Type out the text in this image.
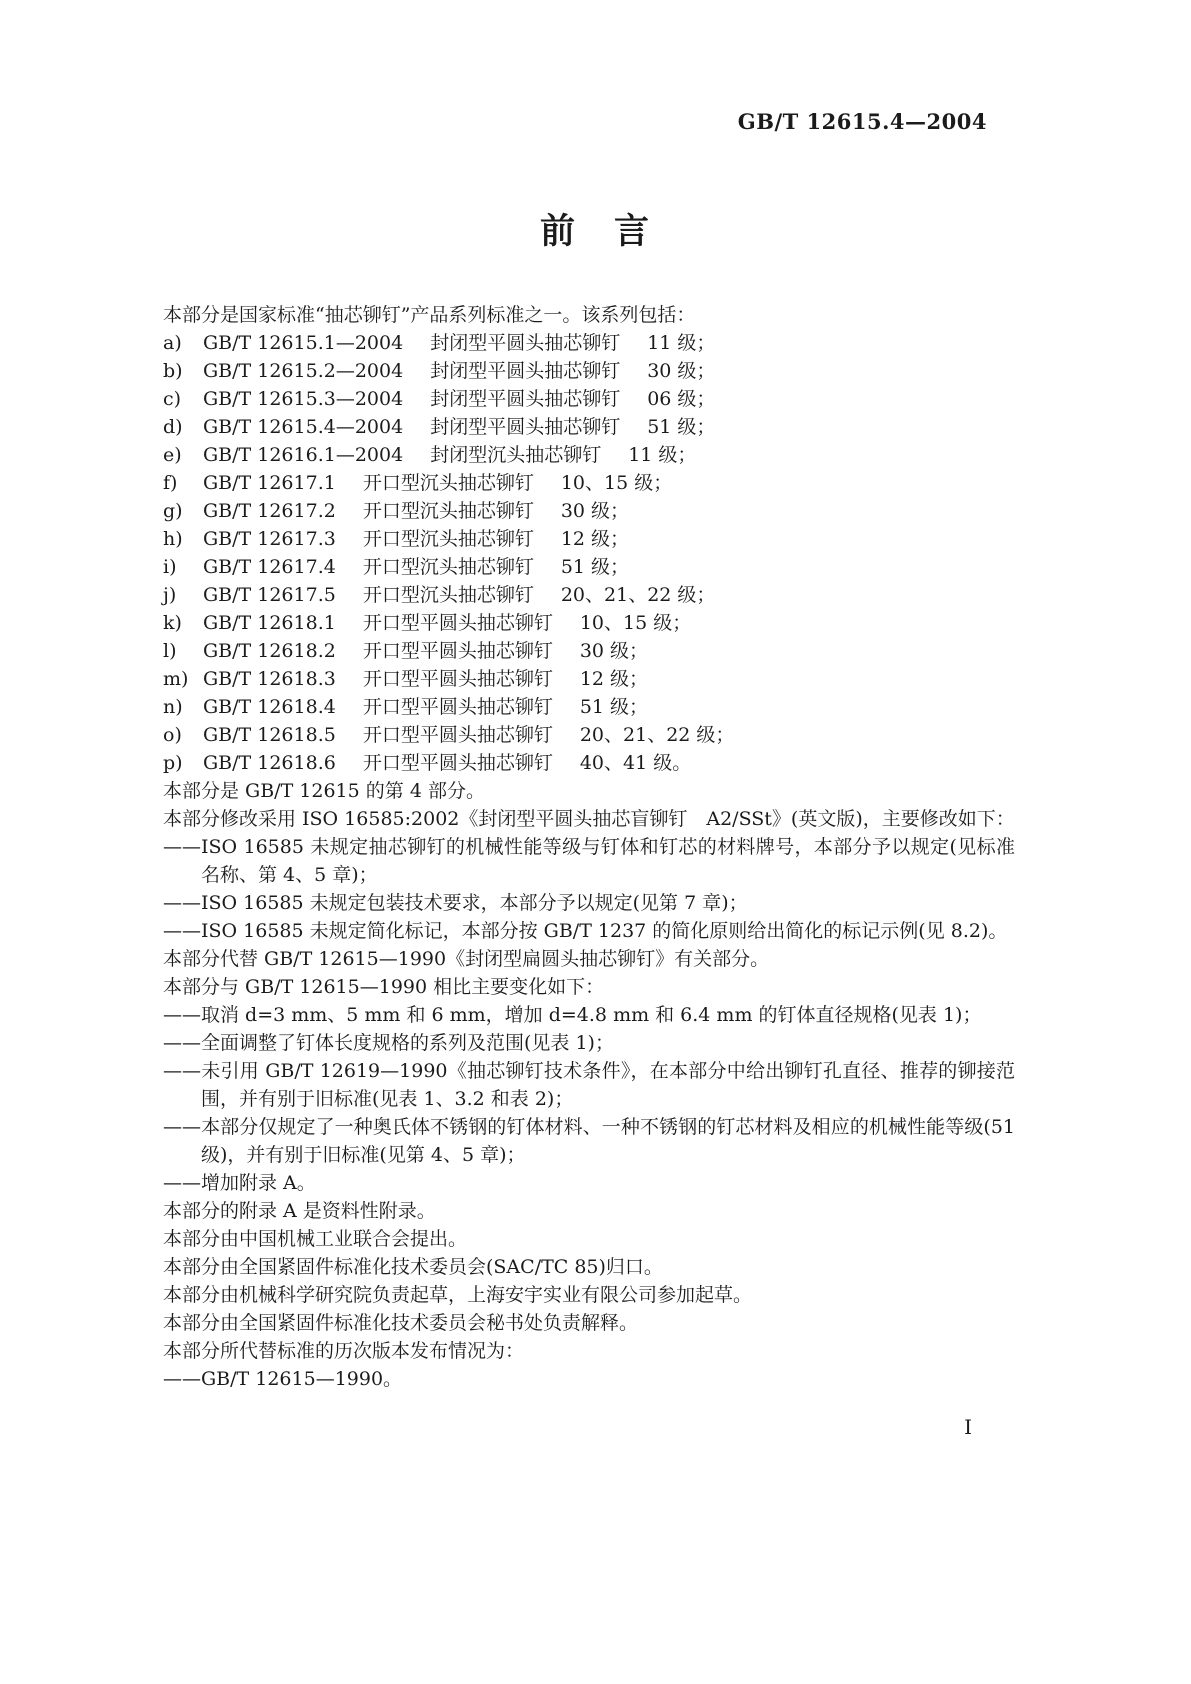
GB/T 12615.4—2004
前　言
本部分是国家标准“抽芯铆钉”产品系列标准之一。该系列包括：
a)	GB/T 12615.1—2004 封闭型平圆头抽芯铆钉 11 级；
b)	GB/T 12615.2—2004 封闭型平圆头抽芯铆钉 30 级；
c)	GB/T 12615.3—2004 封闭型平圆头抽芯铆钉 06 级；
d)	GB/T 12615.4—2004 封闭型平圆头抽芯铆钉 51 级；
e)	GB/T 12616.1—2004 封闭型沉头抽芯铆钉 11 级；
f)	GB/T 12617.1 开口型沉头抽芯铆钉 10、15 级；
g)	GB/T 12617.2 开口型沉头抽芯铆钉 30 级；
h)	GB/T 12617.3 开口型沉头抽芯铆钉 12 级；
i)	GB/T 12617.4 开口型沉头抽芯铆钉 51 级；
j)	GB/T 12617.5 开口型沉头抽芯铆钉 20、21、22 级；
k)	GB/T 12618.1 开口型平圆头抽芯铆钉 10、15 级；
l)	GB/T 12618.2 开口型平圆头抽芯铆钉 30 级；
m) GB/T 12618.3 开口型平圆头抽芯铆钉 12 级；
n)	GB/T 12618.4 开口型平圆头抽芯铆钉 51 级；
o)	GB/T 12618.5 开口型平圆头抽芯铆钉 20、21、22 级；
p)	GB/T 12618.6 开口型平圆头抽芯铆钉 40、41 级。

本部分是 GB/T 12615 的第 4 部分。

本部分修改采用 ISO 16585:2002《封闭型平圆头抽芯盲铆钉　A2/SSt》(英文版)，主要修改如下：

——ISO 16585 未规定抽芯铆钉的机械性能等级与钉体和钉芯的材料牌号，本部分予以规定(见标准名称、第 4、5 章)；

——ISO 16585 未规定包装技术要求，本部分予以规定(见第 7 章)；

——ISO 16585 未规定简化标记，本部分按 GB/T 1237 的简化原则给出简化的标记示例(见 8.2)。

本部分代替 GB/T 12615—1990《封闭型扁圆头抽芯铆钉》有关部分。

本部分与 GB/T 12615—1990 相比主要变化如下：

——取消 d=3 mm、5 mm 和 6 mm，增加 d=4.8 mm 和 6.4 mm 的钉体直径规格(见表 1)；

——全面调整了钉体长度规格的系列及范围(见表 1)；

——未引用 GB/T 12619—1990《抽芯铆钉技术条件》，在本部分中给出铆钉孔直径、推荐的铆接范围，并有别于旧标准(见表 1、3.2 和表 2)；

——本部分仅规定了一种奥氏体不锈钢的钉体材料、一种不锈钢的钉芯材料及相应的机械性能等级(51 级)，并有别于旧标准(见第 4、5 章)；

——增加附录 A。

本部分的附录 A 是资料性附录。

本部分由中国机械工业联合会提出。

本部分由全国紧固件标准化技术委员会(SAC/TC 85)归口。

本部分由机械科学研究院负责起草，上海安宇实业有限公司参加起草。

本部分由全国紧固件标准化技术委员会秘书处负责解释。

本部分所代替标准的历次版本发布情况为：

——GB/T 12615—1990。

Ⅰ
